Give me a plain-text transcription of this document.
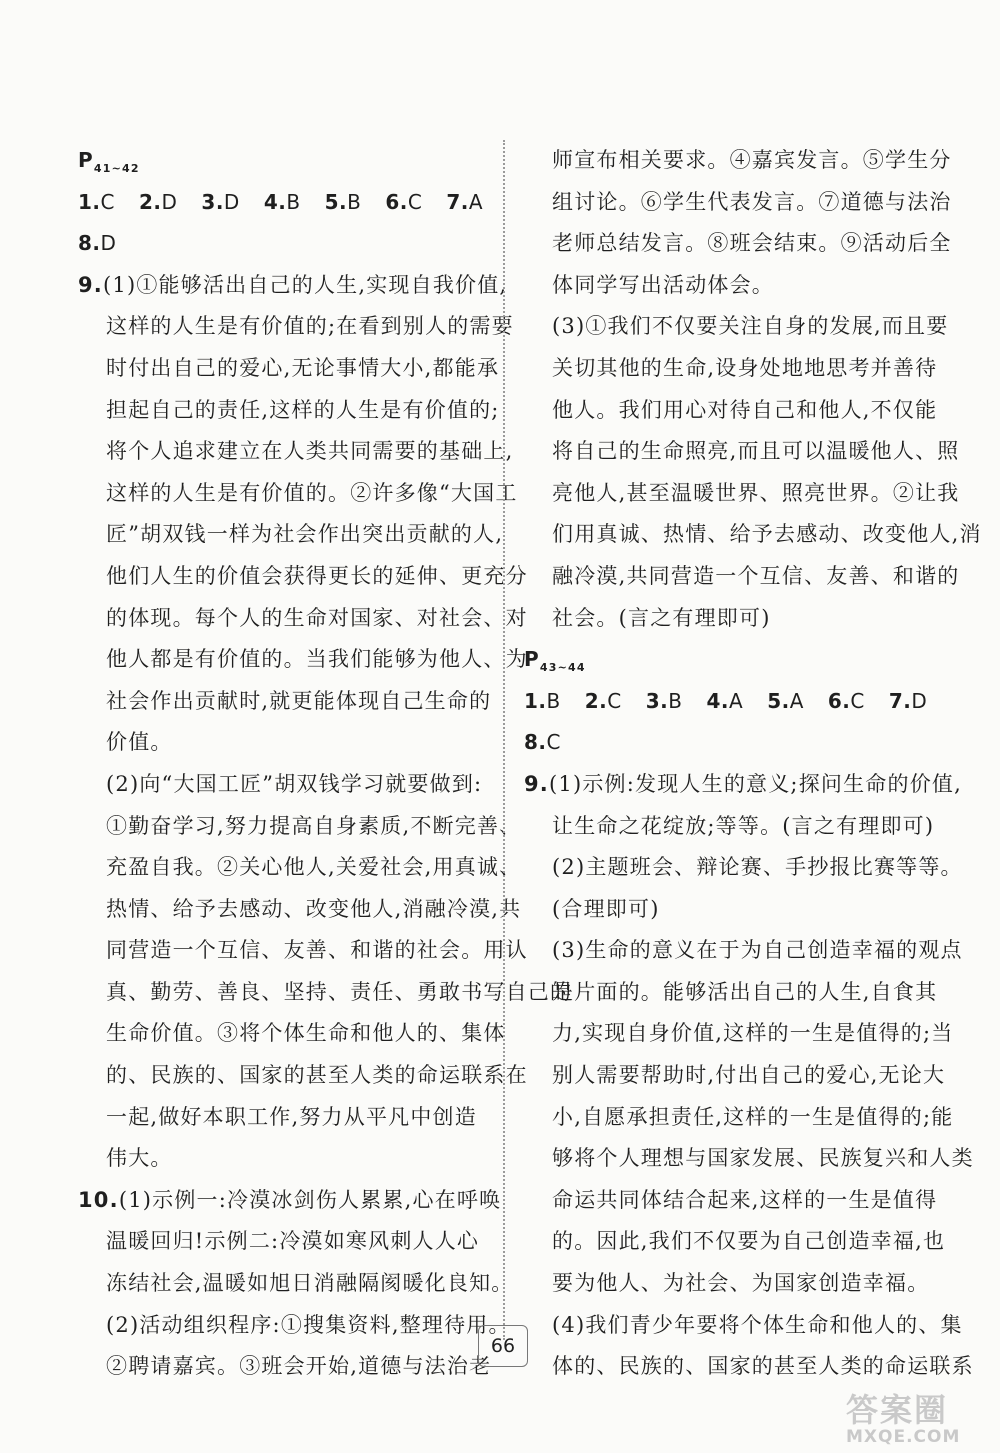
$P_{41\sim 42}$
1.C 2.D 3.D 4.B 5.B 6.C 7.A
8.D
9.(1)①能够活出自己的人生,实现自我价值,
这样的人生是有价值的;在看到别人的需要
时付出自己的爱心,无论事情大小,都能承
担起自己的责任,这样的人生是有价值的;
将个人追求建立在人类共同需要的基础上,
这样的人生是有价值的。②许多像“大国工
匠”胡双钱一样为社会作出突出贡献的人,
他们人生的价值会获得更长的延伸、更充分
的体现。每个人的生命对国家、对社会、对
他人都是有价值的。当我们能够为他人、为
社会作出贡献时,就更能体现自己生命的
价值。
(2)向“大国工匠”胡双钱学习就要做到:
①勤奋学习,努力提高自身素质,不断完善、
充盈自我。②关心他人,关爱社会,用真诚、
热情、给予去感动、改变他人,消融冷漠,共
同营造一个互信、友善、和谐的社会。用认
真、勤劳、善良、坚持、责任、勇敢书写自己的
生命价值。③将个体生命和他人的、集体
的、民族的、国家的甚至人类的命运联系在
一起,做好本职工作,努力从平凡中创造
伟大。
10.(1)示例一:冷漠冰剑伤人累累,心在呼唤
温暖回归!示例二:冷漠如寒风刺人人心
冻结社会,温暖如旭日消融隔阂暖化良知。
(2)活动组织程序:①搜集资料,整理待用。
②聘请嘉宾。③班会开始,道德与法治老
师宣布相关要求。④嘉宾发言。⑤学生分
组讨论。⑥学生代表发言。⑦道德与法治
老师总结发言。⑧班会结束。⑨活动后全
体同学写出活动体会。
(3)①我们不仅要关注自身的发展,而且要
关切其他的生命,设身处地地思考并善待
他人。我们用心对待自己和他人,不仅能
将自己的生命照亮,而且可以温暖他人、照
亮他人,甚至温暖世界、照亮世界。②让我
们用真诚、热情、给予去感动、改变他人,消
融冷漠,共同营造一个互信、友善、和谐的
社会。(言之有理即可)
$P_{43\sim 44}$
1.B 2.C 3.B 4.A 5.A 6.C 7.D
8.C
9.(1)示例:发现人生的意义;探问生命的价值,
让生命之花绽放;等等。(言之有理即可)
(2)主题班会、辩论赛、手抄报比赛等等。
(合理即可)
(3)生命的意义在于为自己创造幸福的观点
是片面的。能够活出自己的人生,自食其
力,实现自身价值,这样的一生是值得的;当
别人需要帮助时,付出自己的爱心,无论大
小,自愿承担责任,这样的一生是值得的;能
够将个人理想与国家发展、民族复兴和人类
命运共同体结合起来,这样的一生是值得
的。因此,我们不仅要为自己创造幸福,也
要为他人、为社会、为国家创造幸福。
(4)我们青少年要将个体生命和他人的、集
体的、民族的、国家的甚至人类的命运联系
66
答案圈
MXQE.COM
